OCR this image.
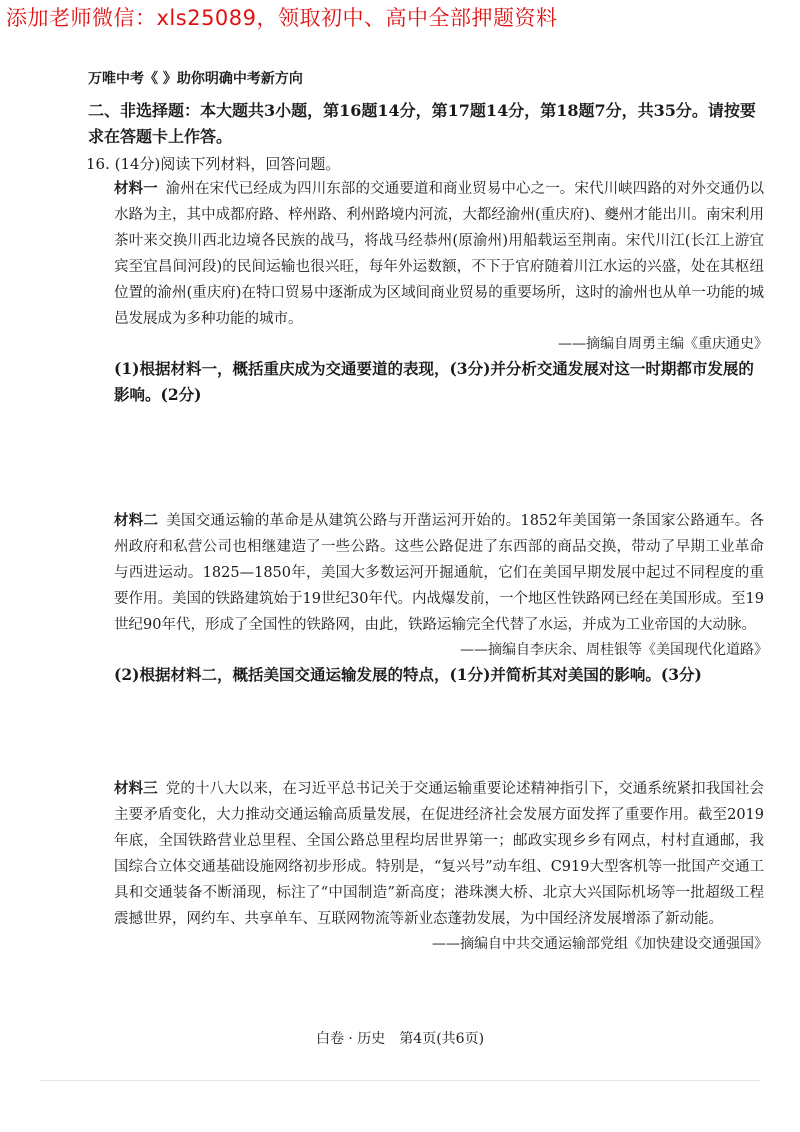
添加老师微信：xls25089，领取初中、高中全部押题资料
万唯中考《 》助你明确中考新方向
二、非选择题：本大题共3小题，第16题14分，第17题14分，第18题7分，共35分。请按要求在答题卡上作答。
16. (14分)阅读下列材料，回答问题。
材料一 渝州在宋代已经成为四川东部的交通要道和商业贸易中心之一。宋代川峡四路的对外交通仍以水路为主，其中成都府路、梓州路、利州路境内河流，大都经渝州(重庆府)、夔州才能出川。南宋利用茶叶来交换川西北边境各民族的战马，将战马经恭州(原渝州)用船载运至荆南。宋代川江(长江上游宜宾至宜昌间河段)的民间运输也很兴旺，每年外运数额，不下于官府随着川江水运的兴盛，处在其枢纽位置的渝州(重庆府)在特口贸易中逐渐成为区域间商业贸易的重要场所，这时的渝州也从单一功能的城邑发展成为多种功能的城市。
——摘编自周勇主编《重庆通史》
(1)根据材料一，概括重庆成为交通要道的表现，(3分)并分析交通发展对这一时期都市发展的影响。(2分)
材料二 美国交通运输的革命是从建筑公路与开凿运河开始的。1852年美国第一条国家公路通车。各州政府和私营公司也相继建造了一些公路。这些公路促进了东西部的商品交换，带动了早期工业革命与西进运动。1825—1850年，美国大多数运河开掘通航，它们在美国早期发展中起过不同程度的重要作用。美国的铁路建筑始于19世纪30年代。内战爆发前，一个地区性铁路网已经在美国形成。至19世纪90年代，形成了全国性的铁路网，由此，铁路运输完全代替了水运，并成为工业帝国的大动脉。
——摘编自李庆余、周桂银等《美国现代化道路》
(2)根据材料二，概括美国交通运输发展的特点，(1分)并简析其对美国的影响。(3分)
材料三 党的十八大以来，在习近平总书记关于交通运输重要论述精神指引下，交通系统紧扣我国社会主要矛盾变化，大力推动交通运输高质量发展，在促进经济社会发展方面发挥了重要作用。截至2019年底，全国铁路营业总里程、全国公路总里程均居世界第一；邮政实现乡乡有网点，村村直通邮，我国综合立体交通基础设施网络初步形成。特别是，“复兴号”动车组、C919大型客机等一批国产交通工具和交通装备不断涌现，标注了“中国制造”新高度；港珠澳大桥、北京大兴国际机场等一批超级工程震撼世界，网约车、共享单车、互联网物流等新业态蓬勃发展，为中国经济发展增添了新动能。
——摘编自中共交通运输部党组《加快建设交通强国》
白卷 · 历史　第4页(共6页)
